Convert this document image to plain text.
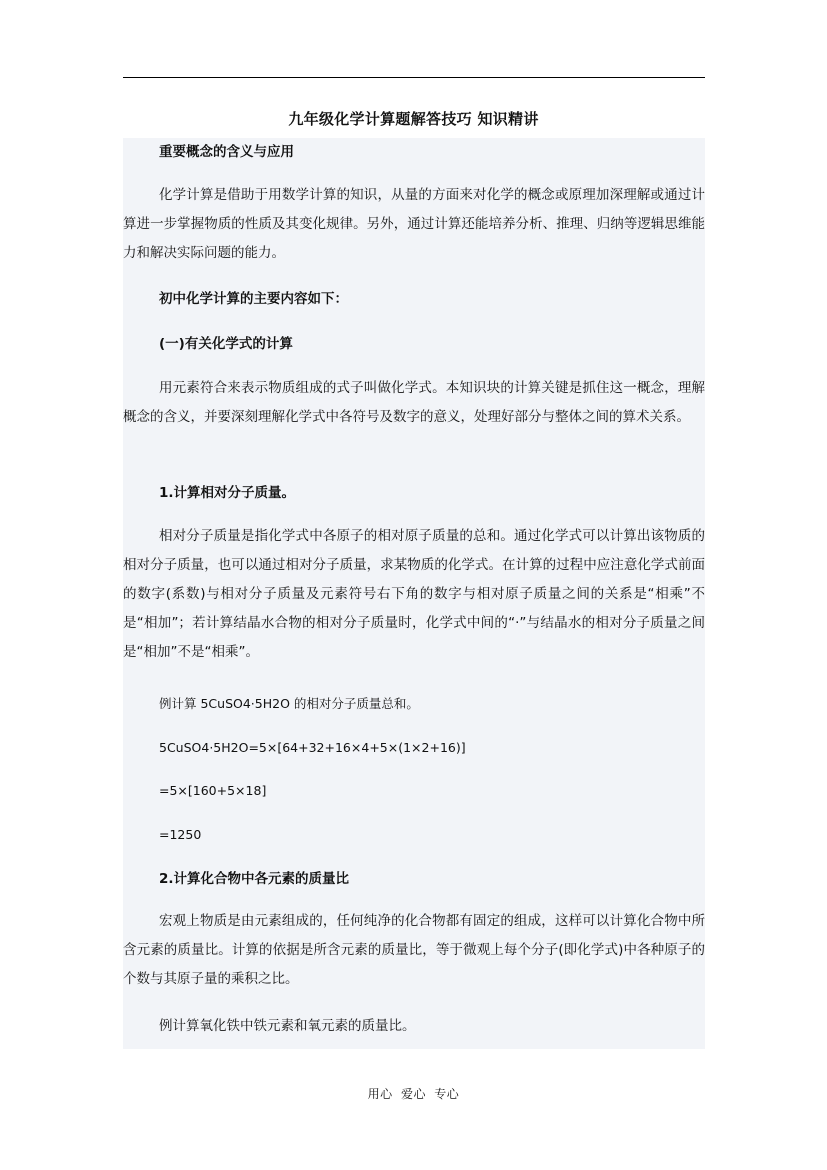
九年级化学计算题解答技巧 知识精讲

重要概念的含义与应用

化学计算是借助于用数学计算的知识，从量的方面来对化学的概念或原理加深理解或通过计算进一步掌握物质的性质及其变化规律。另外，通过计算还能培养分析、推理、归纳等逻辑思维能力和解决实际问题的能力。

初中化学计算的主要内容如下：

(一)有关化学式的计算

用元素符合来表示物质组成的式子叫做化学式。本知识块的计算关键是抓住这一概念，理解概念的含义，并要深刻理解化学式中各符号及数字的意义，处理好部分与整体之间的算术关系。

1.计算相对分子质量。

相对分子质量是指化学式中各原子的相对原子质量的总和。通过化学式可以计算出该物质的相对分子质量，也可以通过相对分子质量，求某物质的化学式。在计算的过程中应注意化学式前面的数字(系数)与相对分子质量及元素符号右下角的数字与相对原子质量之间的关系是“相乘”不是“相加”；若计算结晶水合物的相对分子质量时，化学式中间的“·”与结晶水的相对分子质量之间是“相加”不是“相乘”。

例计算 5CuSO4·5H2O 的相对分子质量总和。

5CuSO4·5H2O=5×[64+32+16×4+5×(1×2+16)]

=5×[160+5×18]

=1250

2.计算化合物中各元素的质量比

宏观上物质是由元素组成的，任何纯净的化合物都有固定的组成，这样可以计算化合物中所含元素的质量比。计算的依据是所含元素的质量比，等于微观上每个分子(即化学式)中各种原子的个数与其原子量的乘积之比。

例计算氧化铁中铁元素和氧元素的质量比。

用心 爱心 专心
